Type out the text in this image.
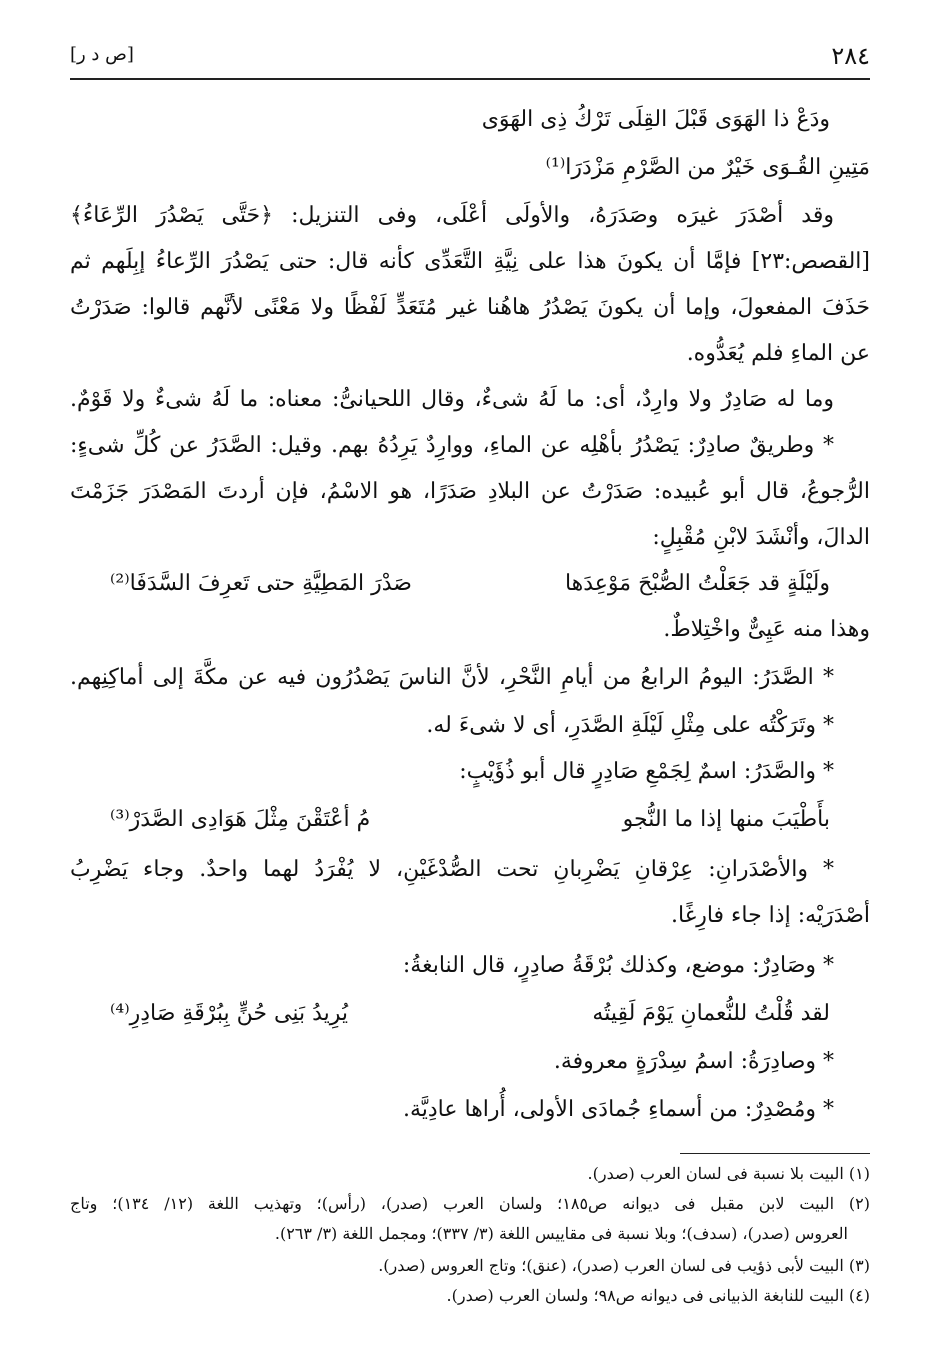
٢٨٤
[ص د ر]
ودَعْ ذا الهَوَى قَبْلَ القِلَى تَرْكُ ذِى الهَوَى
مَتِينِ القُـوَى خَيْرٌ من الصَّرْمِ مَزْدَرَا⁽¹⁾
وقد أصْدَرَ غيرَه وصَدَرَهُ، والأولَى أعْلَى، وفى التنزيل: ﴿حَتَّى يَصْدُرَ الرِّعَاءُ﴾
[القصص:٢٣] فإمَّا أن يكونَ هذا على نِيَّةِ التَّعَدِّى كأنه قال: حتى يَصْدُرَ الرِّعاءُ إبِلَهم ثم
حَذَفَ المفعولَ، وإما أن يكونَ يَصْدُرُ هاهُنا غير مُتَعَدٍّ لَفْظًا ولا مَعْنًى لأنَّهم قالوا: صَدَرْتُ
عن الماءِ فلم يُعَدُّوه.
وما له صَادِرٌ ولا وارِدٌ، أى: ما لَهُ شىءٌ، وقال اللحيانىُّ: معناه: ما لَهُ شىءٌ ولا قَوْمٌ.
* وطريقٌ صادِرٌ: يَصْدُرُ بأهْلِه عن الماءِ، ووارِدٌ يَرِدُهُ بهم. وقيل: الصَّدَرُ عن كُلِّ شىءٍ:
الرُّجوعُ، قال أبو عُبيده: صَدَرْتُ عن البلادِ صَدَرًا، هو الاسْمُ، فإن أردتَ المَصْدَرَ جَزَمْتَ
الدالَ، وأنْشَدَ لابْنِ مُقْبِلٍ:
ولَيْلَةٍ قد جَعَلْتُ الصُّبْحَ مَوْعِدَها
صَدْرَ المَطِيَّةِ حتى تَعرِفَ السَّدَفَا⁽²⁾
وهذا منه عَيِىٌّ واخْتِلاطٌ.
* الصَّدَرُ: اليومُ الرابعُ من أيامِ النَّحْرِ، لأنَّ الناسَ يَصْدُرُون فيه عن مكَّةَ إلى أماكِنِهم.
* وتَرَكْتُه على مِثْلِ لَيْلَةِ الصَّدَرِ، أى لا شىءَ له.
* والصَّدَرُ: اسمٌ لِجَمْعِ صَادِرٍ قال أبو ذُؤَيْبٍ:
بأَطْيَبَ منها إذا ما النُّجو
مُ أعْتَقْنَ مِثْلَ هَوَادِى الصَّدَرْ⁽³⁾
* والأصْدَرانِ: عِرْقانِ يَضْرِبانِ تحت الصُّدْغَيْنِ، لا يُفْرَدُ لهما واحدٌ. وجاء يَضْرِبُ
أصْدَرَيْه: إذا جاء فارِغًا.
* وصَادِرٌ: موضع، وكذلك بُرْقَةُ صادِرٍ، قال النابغةُ:
لقد قُلْتُ للنُّعمانِ يَوْمَ لَقِيتُه
يُرِيدُ بَنِى حُنٍّ بِبُرْقَةِ صَادِرِ⁽⁴⁾
* وصادِرَةُ: اسمُ سِدْرَةٍ معروفة.
* ومُصْدِرٌ: من أسماءِ جُمادَى الأولى، أُراها عادِيَّة.
(١) البيت بلا نسبة فى لسان العرب (صدر).
(٢) البيت لابن مقبل فى ديوانه ص١٨٥؛ ولسان العرب (صدر)، (رأس)؛ وتهذيب اللغة (١٢/ ١٣٤)؛ وتاج
العروس (صدر)، (سدف)؛ وبلا نسبة فى مقاييس اللغة (٣/ ٣٣٧)؛ ومجمل اللغة (٣/ ٢٦٣).
(٣) البيت لأبى ذؤيب فى لسان العرب (صدر)، (عنق)؛ وتاج العروس (صدر).
(٤) البيت للنابغة الذبيانى فى ديوانه ص٩٨؛ ولسان العرب (صدر).
